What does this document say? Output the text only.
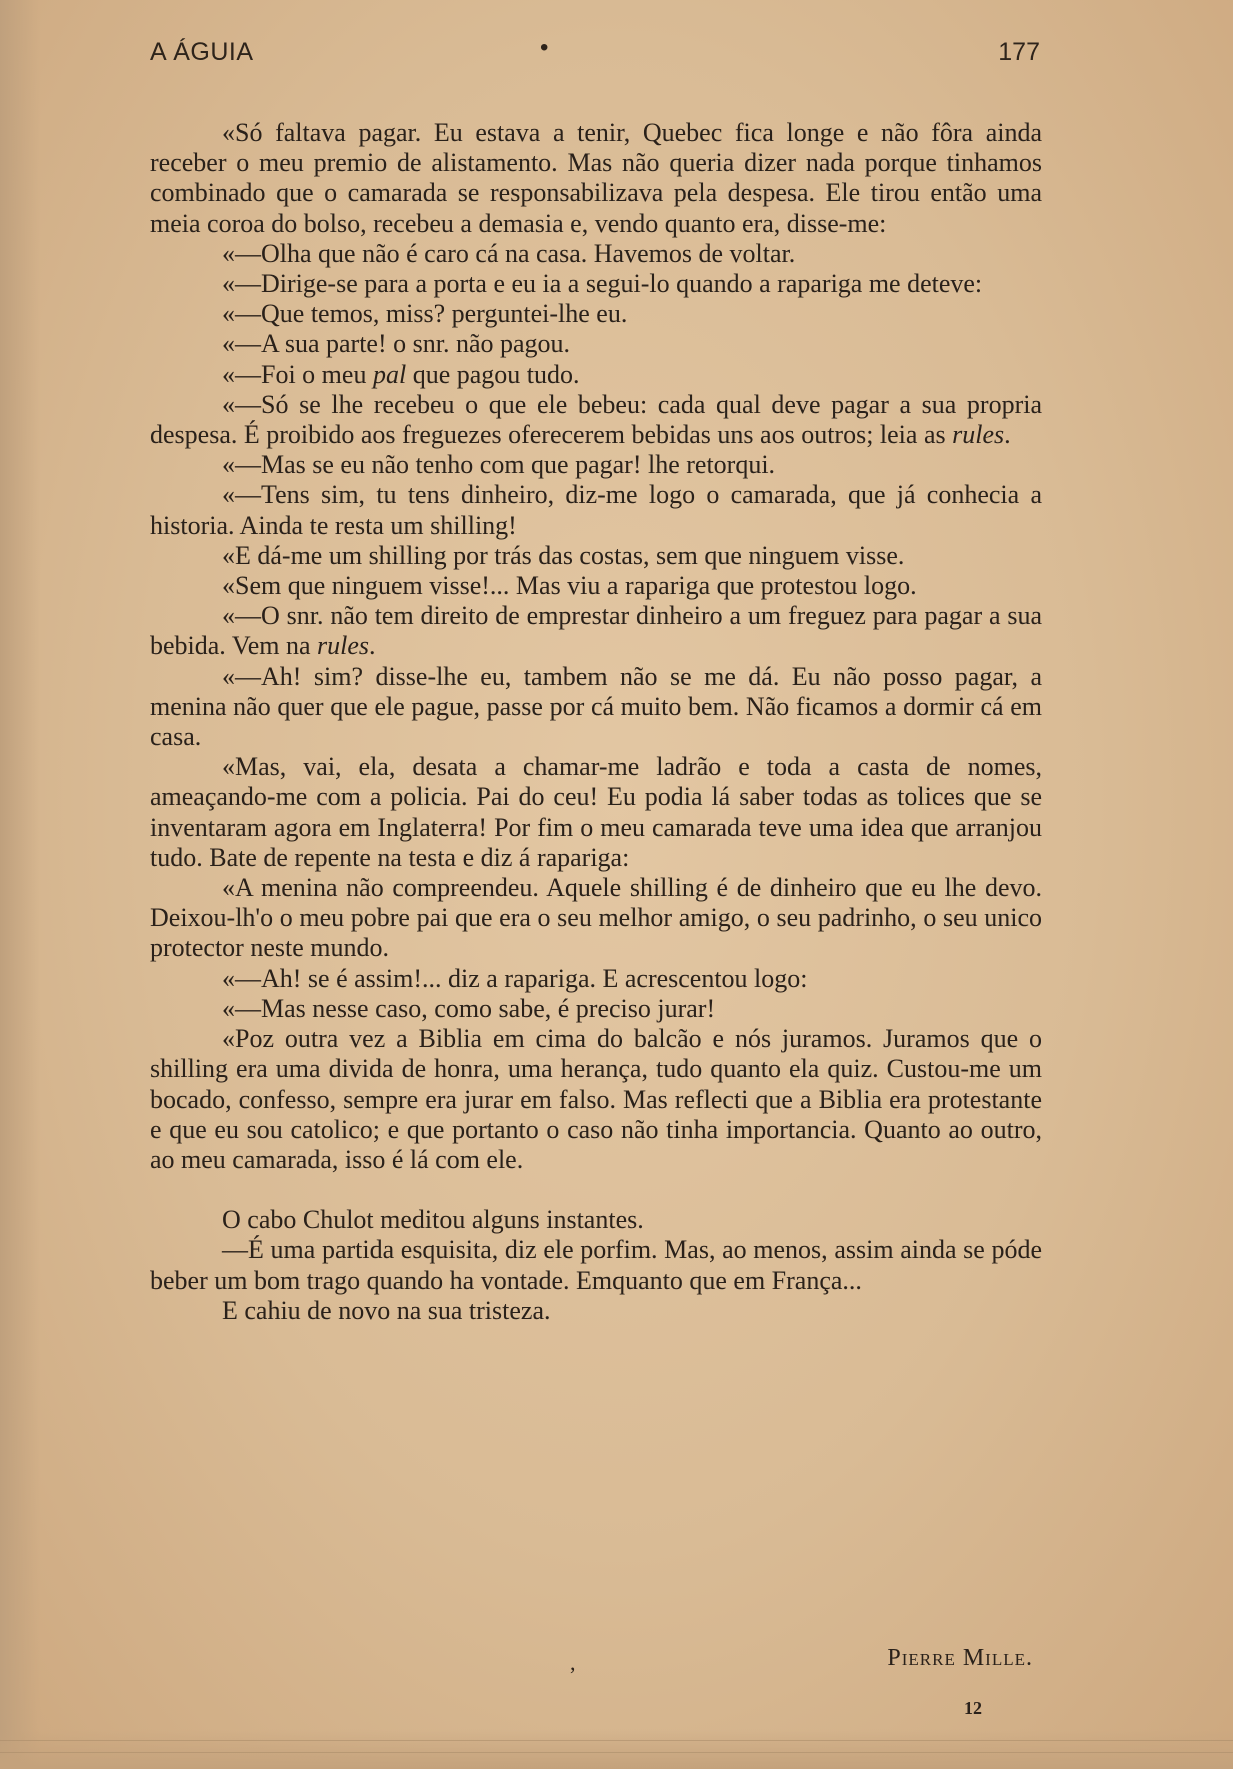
A ÁGUIA	•	177

«Só faltava pagar. Eu estava a tenir, Quebec fica longe e não fôra ainda receber o meu premio de alistamento. Mas não queria dizer nada porque tinhamos combinado que o camarada se responsabilizava pela despesa. Ele tirou então uma meia coroa do bolso, recebeu a demasia e, vendo quanto era, disse-me:

«—Olha que não é caro cá na casa. Havemos de voltar.

«—Dirige-se para a porta e eu ia a segui-lo quando a rapariga me deteve:

«—Que temos, miss? perguntei-lhe eu.

«—A sua parte! o snr. não pagou.

«—Foi o meu pal que pagou tudo.

«—Só se lhe recebeu o que ele bebeu: cada qual deve pagar a sua propria despesa. É proibido aos freguezes oferecerem bebidas uns aos outros; leia as rules.

«—Mas se eu não tenho com que pagar! lhe retorqui.

«—Tens sim, tu tens dinheiro, diz-me logo o camarada, que já conhecia a historia. Ainda te resta um shilling!

«E dá-me um shilling por trás das costas, sem que ninguem visse.

«Sem que ninguem visse!... Mas viu a rapariga que protestou logo.

«—O snr. não tem direito de emprestar dinheiro a um freguez para pagar a sua bebida. Vem na rules.

«—Ah! sim? disse-lhe eu, tambem não se me dá. Eu não posso pagar, a menina não quer que ele pague, passe por cá muito bem. Não ficamos a dormir cá em casa.

«Mas, vai, ela, desata a chamar-me ladrão e toda a casta de nomes, ameaçando-me com a policia. Pai do ceu! Eu podia lá saber todas as tolices que se inventaram agora em Inglaterra! Por fim o meu camarada teve uma idea que arranjou tudo. Bate de repente na testa e diz á rapariga:

«A menina não compreendeu. Aquele shilling é de dinheiro que eu lhe devo. Deixou-lh'o o meu pobre pai que era o seu melhor amigo, o seu padrinho, o seu unico protector neste mundo.

«—Ah! se é assim!... diz a rapariga. E acrescentou logo:

«—Mas nesse caso, como sabe, é preciso jurar!

«Poz outra vez a Biblia em cima do balcão e nós juramos. Juramos que o shilling era uma divida de honra, uma herança, tudo quanto ela quiz. Custou-me um bocado, confesso, sempre era jurar em falso. Mas reflecti que a Biblia era protestante e que eu sou catolico; e que portanto o caso não tinha importancia. Quanto ao outro, ao meu camarada, isso é lá com ele.

O cabo Chulot meditou alguns instantes.

—É uma partida esquisita, diz ele porfim. Mas, ao menos, assim ainda se póde beber um bom trago quando ha vontade. Emquanto que em França...

E cahiu de novo na sua tristeza.

,	Pierre Mille.
12
